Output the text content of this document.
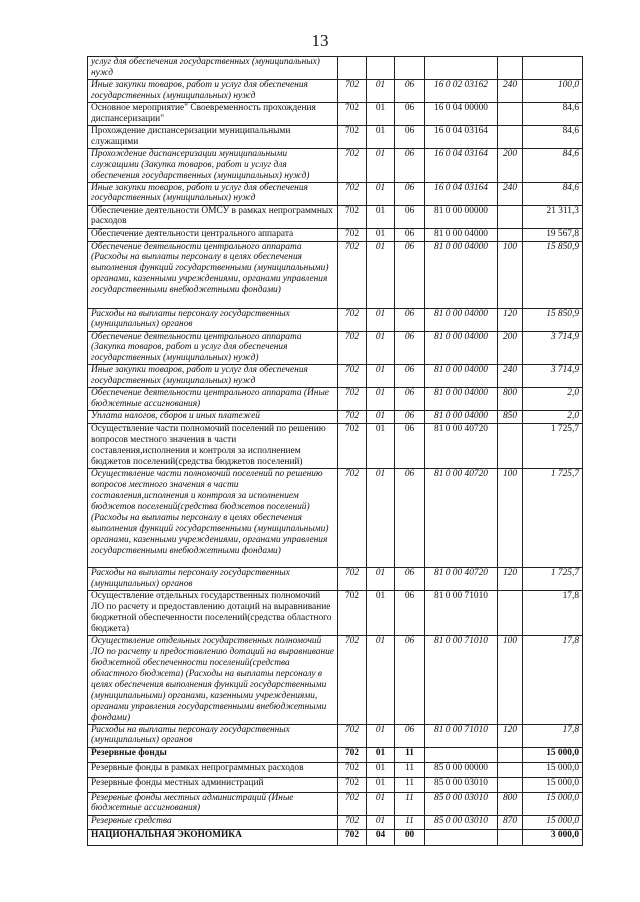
13
услуг для обеспечения государственных (муниципальных) нужд						
Иные закупки товаров, работ и услуг для обеспечения государственных (муниципальных) нужд	702	01	06	16 0 02 03162	240	100,0
Основное мероприятие" Своевременность прохождения диспансеризации"	702	01	06	16 0 04 00000		84,6
Прохождение диспансеризации муниципальными служащими	702	01	06	16 0 04 03164		84,6
Прохождение диспансеризации муниципальными служащими (Закупка товаров, работ и услуг для обеспечения государственных (муниципальных) нужд)	702	01	06	16 0 04 03164	200	84,6
Иные закупки товаров, работ и услуг для обеспечения государственных (муниципальных) нужд	702	01	06	16 0 04 03164	240	84,6
Обеспечение деятельности ОМСУ в рамках непрограммных расходов	702	01	06	81 0 00 00000		21 311,3
Обеспечение деятельности центрального аппарата	702	01	06	81 0 00 04000		19 567,8
Обеспечение деятельности центрального аппарата (Расходы на выплаты персоналу в целях обеспечения выполнения функций государственными (муниципальными) органами, казенными учреждениями, органами управления государственными внебюджетными фондами)	702	01	06	81 0 00 04000	100	15 850,9
Расходы на выплаты персоналу государственных (муниципальных) органов	702	01	06	81 0 00 04000	120	15 850,9
Обеспечение деятельности центрального аппарата (Закупка товаров, работ и услуг для обеспечения государственных (муниципальных) нужд)	702	01	06	81 0 00 04000	200	3 714,9
Иные закупки товаров, работ и услуг для обеспечения государственных (муниципальных) нужд	702	01	06	81 0 00 04000	240	3 714,9
Обеспечение деятельности центрального аппарата (Иные бюджетные ассигнования)	702	01	06	81 0 00 04000	800	2,0
Уплата налогов, сборов и иных платежей	702	01	06	81 0 00 04000	850	2,0
Осуществление части полномочий поселений по решению вопросов местного значения в части составления,исполнения и контроля за исполнением бюджетов поселений(средства бюджетов поселений)	702	01	06	81 0 00 40720		1 725,7
Осуществление части полномочий поселений по решению вопросов местного значения в части составления,исполнения и контроля за исполнением бюджетов поселений(средства бюджетов поселений) (Расходы на выплаты персоналу в целях обеспечения выполнения функций государственными (муниципальными) органами, казенными учреждениями, органами управления государственными внебюджетными фондами)	702	01	06	81 0 00 40720	100	1 725,7
Расходы на выплаты персоналу государственных (муниципальных) органов	702	01	06	81 0 00 40720	120	1 725,7
Осуществление отдельных государственных полномочий ЛО по расчету и предоставлению дотаций на выравнивание бюджетной обеспеченности поселений(средства областного бюджета)	702	01	06	81 0 00 71010		17,8
Осуществление отдельных государственных полномочий ЛО по расчету и предоставлению дотаций на выравнивание бюджетной обеспеченности поселений(средства областного бюджета) (Расходы на выплаты персоналу в целях обеспечения выполнения функций государственными (муниципальными) органами, казенными учреждениями, органами управления государственными внебюджетными фондами)	702	01	06	81 0 00 71010	100	17,8
Расходы на выплаты персоналу государственных (муниципальных) органов	702	01	06	81 0 00 71010	120	17,8
Резервные фонды	702	01	11			15 000,0
Резервные фонды в рамках непрограммных расходов	702	01	11	85 0 00 00000		15 000,0
Резервные фонды местных администраций	702	01	11	85 0 00 03010		15 000,0
Резервные фонды местных администраций (Иные бюджетные ассигнования)	702	01	11	85 0 00 03010	800	15 000,0
Резервные средства	702	01	11	85 0 00 03010	870	15 000,0
НАЦИОНАЛЬНАЯ ЭКОНОМИКА	702	04	00			3 000,0
